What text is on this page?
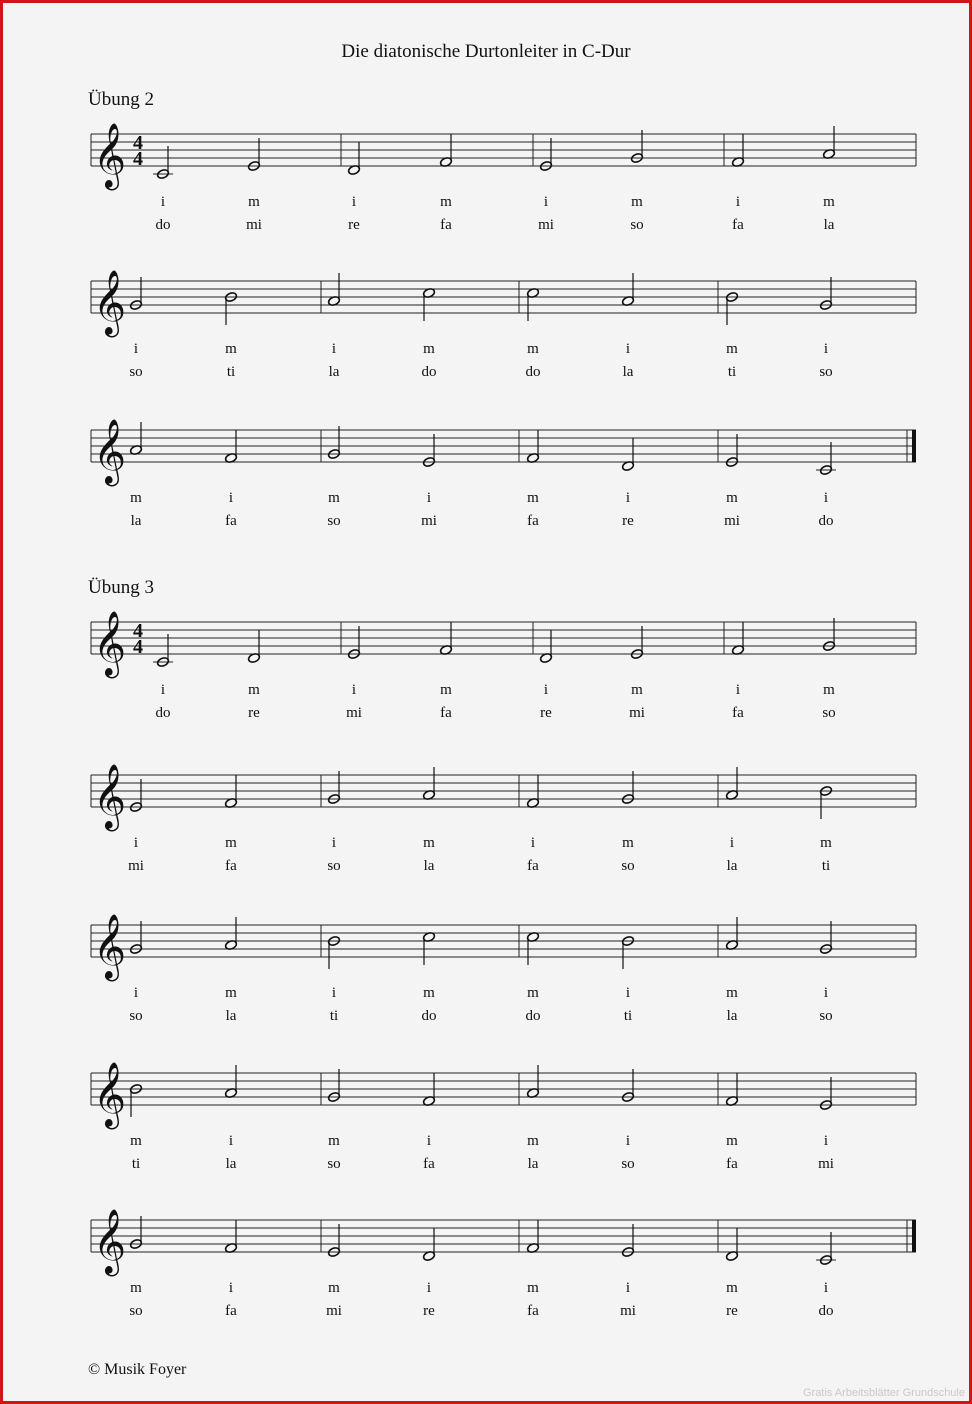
Die diatonische Durtonleiter in C-Dur
Übung 2
Übung 3
𝄞 4
4
i	m	i	m	i	m	i	m
do	mi	re	fa	mi	so	fa	la
𝄞
i	m	i	m	m	i	m	i
so	ti	la	do	do	la	ti	so
𝄞
m	i	m	i	m	i	m	i
la	fa	so	mi	fa	re	mi	do
𝄞 4
4
i	m	i	m	i	m	i	m
do	re	mi	fa	re	mi	fa	so
𝄞
i	m	i	m	i	m	i	m
mi	fa	so	la	fa	so	la	ti
𝄞
i	m	i	m	m	i	m	i
so	la	ti	do	do	ti	la	so
𝄞
m	i	m	i	m	i	m	i
ti	la	so	fa	la	so	fa	mi
𝄞
m	i	m	i	m	i	m	i
so	fa	mi	re	fa	mi	re	do
© Musik Foyer
Gratis Arbeitsblätter Grundschule
